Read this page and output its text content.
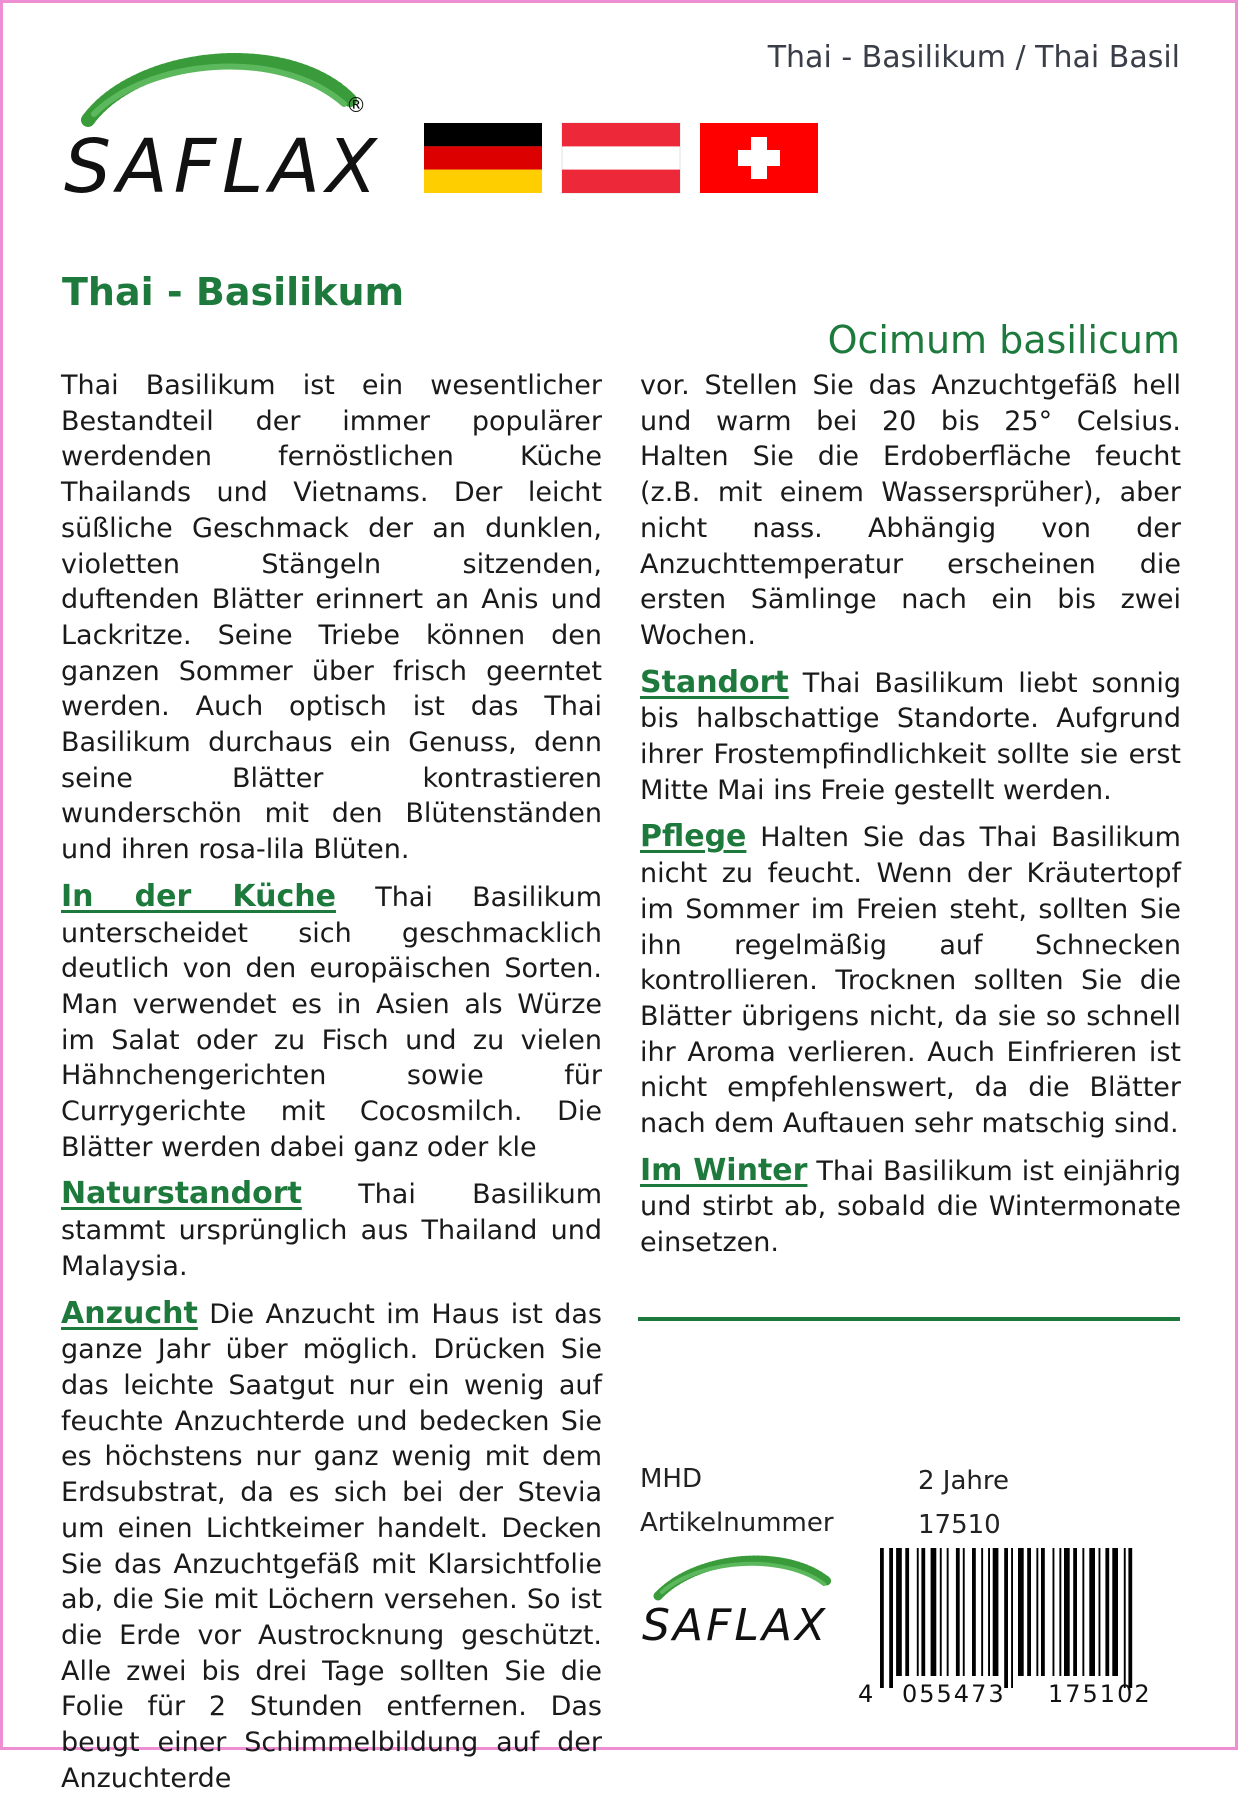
SAFLAX
®
Thai - Basilikum / Thai Basil
Thai - Basilikum
Ocimum basilicum

Thai Basilikum ist ein wesentlicher Bestandteil der immer populärer werdenden fernöstlichen Küche Thailands und Vietnams. Der leicht süßliche Geschmack der an dunklen, violetten Stängeln sitzenden, duftenden Blätter erinnert an Anis und Lackritze. Seine Triebe können den ganzen Sommer über frisch geerntet werden. Auch optisch ist das Thai Basilikum durchaus ein Genuss, denn seine Blätter kontrastieren wunderschön mit den Blütenständen und ihren rosa-lila Blüten.

In der Küche Thai Basilikum unterscheidet sich geschmacklich deutlich von den europäischen Sorten. Man verwendet es in Asien als Würze im Salat oder zu Fisch und zu vielen Hähnchengerichten sowie für Currygerichte mit Cocosmilch. Die Blätter werden dabei ganz oder kle

Naturstandort Thai Basilikum stammt ursprünglich aus Thailand und Malaysia.

Anzucht Die Anzucht im Haus ist das ganze Jahr über möglich. Drücken Sie das leichte Saatgut nur ein wenig auf feuchte Anzuchterde und bedecken Sie es höchstens nur ganz wenig mit dem Erdsubstrat, da es sich bei der Stevia um einen Lichtkeimer handelt. Decken Sie das Anzuchtgefäß mit Klarsichtfolie ab, die Sie mit Löchern versehen. So ist die Erde vor Austrocknung geschützt. Alle zwei bis drei Tage sollten Sie die Folie für 2 Stunden entfernen. Das beugt einer Schimmelbildung auf der Anzuchterde

vor. Stellen Sie das Anzuchtgefäß hell und warm bei 20 bis 25° Celsius. Halten Sie die Erdoberfläche feucht (z.B. mit einem Wassersprüher), aber nicht nass. Abhängig von der Anzuchttemperatur erscheinen die ersten Sämlinge nach ein bis zwei Wochen.

Standort Thai Basilikum liebt sonnig bis halbschattige Standorte. Aufgrund ihrer Frostempfindlichkeit sollte sie erst Mitte Mai ins Freie gestellt werden.

Pflege Halten Sie das Thai Basilikum nicht zu feucht. Wenn der Kräutertopf im Sommer im Freien steht, sollten Sie ihn regelmäßig auf Schnecken kontrollieren. Trocknen sollten Sie die Blätter übrigens nicht, da sie so schnell ihr Aroma verlieren. Auch Einfrieren ist nicht empfehlenswert, da die Blätter nach dem Auftauen sehr matschig sind.

Im Winter Thai Basilikum ist einjährig und stirbt ab, sobald die Wintermonate einsetzen.

MHD	2 Jahre
Artikelnummer	17510
SAFLAX
4 055473 175102
